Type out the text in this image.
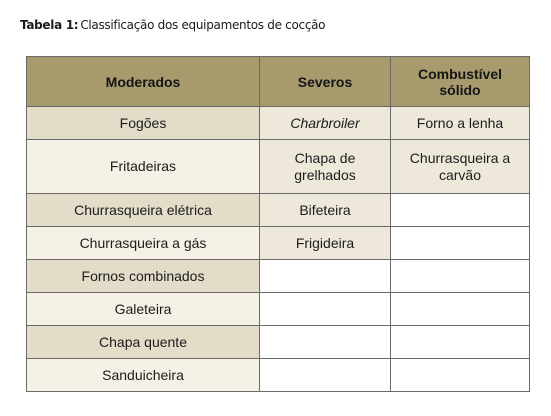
Tabela 1: Classificação dos equipamentos de cocção
Moderados	Severos	Combustível sólido
Fogões	Charbroiler	Forno a lenha
Fritadeiras	Chapa de grelhados	Churrasqueira a carvão
Churrasqueira elétrica	Bifeteira	
Churrasqueira a gás	Frigideira	
Fornos combinados		
Galeteira		
Chapa quente		
Sanduicheira		
